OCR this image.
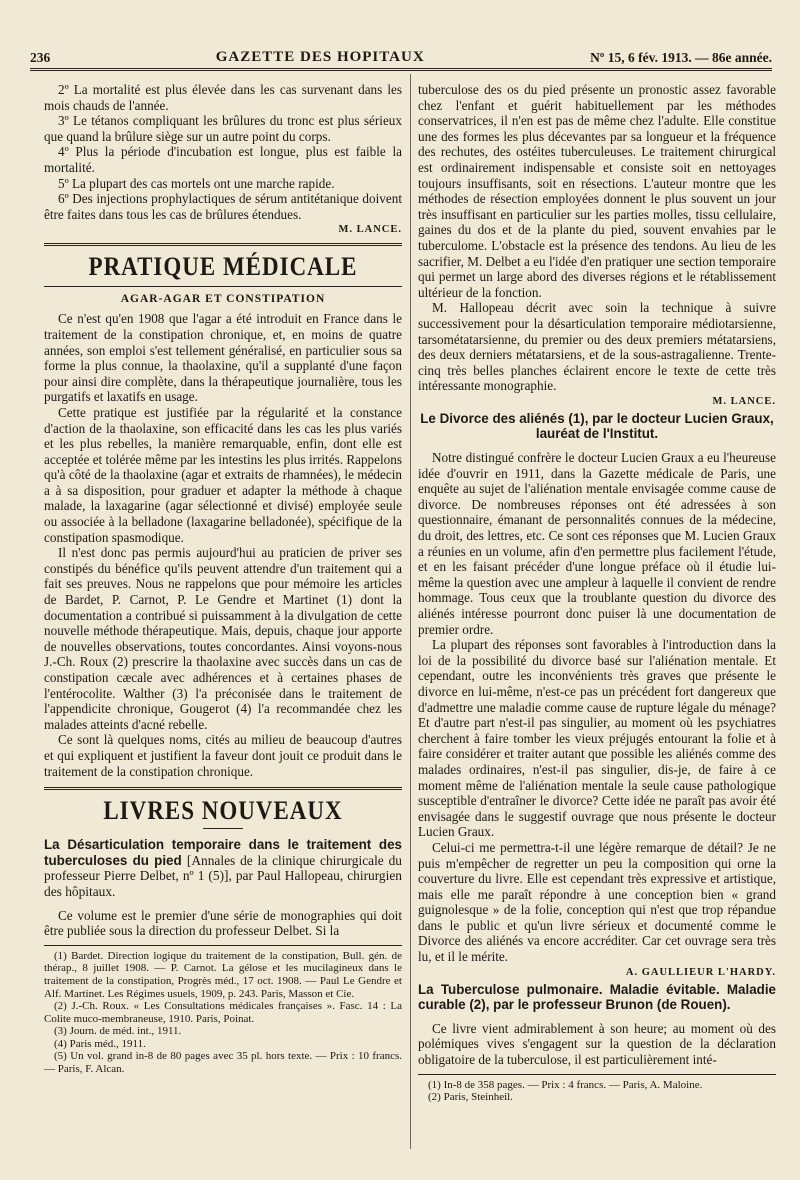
236	GAZETTE DES HOPITAUX	Nº 15, 6 fév. 1913. — 86e année.

2º La mortalité est plus élevée dans les cas survenant dans les mois chauds de l'année.

3º Le tétanos compliquant les brûlures du tronc est plus sérieux que quand la brûlure siège sur un autre point du corps.

4º Plus la période d'incubation est longue, plus est faible la mortalité.

5º La plupart des cas mortels ont une marche rapide.

6º Des injections prophylactiques de sérum antitétanique doivent être faites dans tous les cas de brûlures étendues.

M. LANCE.
PRATIQUE MÉDICALE
AGAR-AGAR ET CONSTIPATION

Ce n'est qu'en 1908 que l'agar a été introduit en France dans le traitement de la constipation chronique, et, en moins de quatre années, son emploi s'est tellement généralisé, en particulier sous sa forme la plus connue, la thaolaxine, qu'il a supplanté d'une façon pour ainsi dire complète, dans la thérapeutique journalière, tous les purgatifs et laxatifs en usage.

Cette pratique est justifiée par la régularité et la constance d'action de la thaolaxine, son efficacité dans les cas les plus variés et les plus rebelles, la manière remarquable, enfin, dont elle est acceptée et tolérée même par les intestins les plus irrités. Rappelons qu'à côté de la thaolaxine (agar et extraits de rhamnées), le médecin a à sa disposition, pour graduer et adapter la méthode à chaque malade, la laxagarine (agar sélectionné et divisé) employée seule ou associée à la belladone (laxagarine belladonée), spécifique de la constipation spasmodique.

Il n'est donc pas permis aujourd'hui au praticien de priver ses constipés du bénéfice qu'ils peuvent attendre d'un traitement qui a fait ses preuves. Nous ne rappelons que pour mémoire les articles de Bardet, P. Carnot, P. Le Gendre et Martinet (1) dont la documentation a contribué si puissamment à la divulgation de cette nouvelle méthode thérapeutique. Mais, depuis, chaque jour apporte de nouvelles observations, toutes concordantes. Ainsi voyons-nous J.-Ch. Roux (2) prescrire la thaolaxine avec succès dans un cas de constipation cæcale avec adhérences et à certaines phases de l'entérocolite. Walther (3) l'a préconisée dans le traitement de l'appendicite chronique, Gougerot (4) l'a recommandée chez les malades atteints d'acné rebelle.

Ce sont là quelques noms, cités au milieu de beaucoup d'autres et qui expliquent et justifient la faveur dont jouit ce produit dans le traitement de la constipation chronique.

LIVRES NOUVEAUX
La Désarticulation temporaire dans le traitement des tuberculoses du pied [Annales de la clinique chirurgicale du professeur Pierre Delbet, nº 1 (5)], par Paul Hallopeau, chirurgien des hôpitaux.

Ce volume est le premier d'une série de monographies qui doit être publiée sous la direction du professeur Delbet. Si la

(1) Bardet. Direction logique du traitement de la constipation, Bull. gén. de thérap., 8 juillet 1908. — P. Carnot. La gélose et les mucilagineux dans le traitement de la constipation, Progrès méd., 17 oct. 1908. — Paul Le Gendre et Alf. Martinet. Les Régimes usuels, 1909, p. 243. Paris, Masson et Cie.

(2) J.-Ch. Roux. « Les Consultations médicales françaises ». Fasc. 14 : La Colite muco-membraneuse, 1910. Paris, Poinat.

(3) Journ. de méd. int., 1911.

(4) Paris méd., 1911.

(5) Un vol. grand in-8 de 80 pages avec 35 pl. hors texte. — Prix : 10 francs. — Paris, F. Alcan.

tuberculose des os du pied présente un pronostic assez favorable chez l'enfant et guérit habituellement par les méthodes conservatrices, il n'en est pas de même chez l'adulte. Elle constitue une des formes les plus décevantes par sa longueur et la fréquence des rechutes, des ostéites tuberculeuses. Le traitement chirurgical est ordinairement indispensable et consiste soit en nettoyages toujours insuffisants, soit en résections. L'auteur montre que les méthodes de résection employées donnent le plus souvent un jour très insuffisant en particulier sur les parties molles, tissu cellulaire, gaines du dos et de la plante du pied, souvent envahies par le tuberculome. L'obstacle est la présence des tendons. Au lieu de les sacrifier, M. Delbet a eu l'idée d'en pratiquer une section temporaire qui permet un large abord des diverses régions et le rétablissement ultérieur de la fonction.

M. Hallopeau décrit avec soin la technique à suivre successivement pour la désarticulation temporaire médiotarsienne, tarsométatarsienne, du premier ou des deux premiers métatarsiens, des deux derniers métatarsiens, et de la sous-astragalienne. Trente-cinq très belles planches éclairent encore le texte de cette très intéressante monographie.

M. LANCE.
Le Divorce des aliénés (1), par le docteur Lucien Graux, lauréat de l'Institut.

Notre distingué confrère le docteur Lucien Graux a eu l'heureuse idée d'ouvrir en 1911, dans la Gazette médicale de Paris, une enquête au sujet de l'aliénation mentale envisagée comme cause de divorce. De nombreuses réponses ont été adressées à son questionnaire, émanant de personnalités connues de la médecine, du droit, des lettres, etc. Ce sont ces réponses que M. Lucien Graux a réunies en un volume, afin d'en permettre plus facilement l'étude, et en les faisant précéder d'une longue préface où il étudie lui-même la question avec une ampleur à laquelle il convient de rendre hommage. Tous ceux que la troublante question du divorce des aliénés intéresse pourront donc puiser là une documentation de premier ordre.

La plupart des réponses sont favorables à l'introduction dans la loi de la possibilité du divorce basé sur l'aliénation mentale. Et cependant, outre les inconvénients très graves que présente le divorce en lui-même, n'est-ce pas un précédent fort dangereux que d'admettre une maladie comme cause de rupture légale du ménage? Et d'autre part n'est-il pas singulier, au moment où les psychiatres cherchent à faire tomber les vieux préjugés entourant la folie et à faire considérer et traiter autant que possible les aliénés comme des malades ordinaires, n'est-il pas singulier, dis-je, de faire à ce moment même de l'aliénation mentale la seule cause pathologique susceptible d'entraîner le divorce? Cette idée ne paraît pas avoir été envisagée dans le suggestif ouvrage que nous présente le docteur Lucien Graux.

Celui-ci me permettra-t-il une légère remarque de détail? Je ne puis m'empêcher de regretter un peu la composition qui orne la couverture du livre. Elle est cependant très expressive et artistique, mais elle me paraît répondre à une conception bien « grand guignolesque » de la folie, conception qui n'est que trop répandue dans le public et qu'un livre sérieux et documenté comme le Divorce des aliénés va encore accréditer. Car cet ouvrage sera très lu, et il le mérite.

A. GAULLIEUR L'HARDY.
La Tuberculose pulmonaire. Maladie évitable. Maladie curable (2), par le professeur Brunon (de Rouen).

Ce livre vient admirablement à son heure; au moment où des polémiques vives s'engagent sur la question de la déclaration obligatoire de la tuberculose, il est particulièrement inté-

(1) In-8 de 358 pages. — Prix : 4 francs. — Paris, A. Maloine.

(2) Paris, Steinheil.
